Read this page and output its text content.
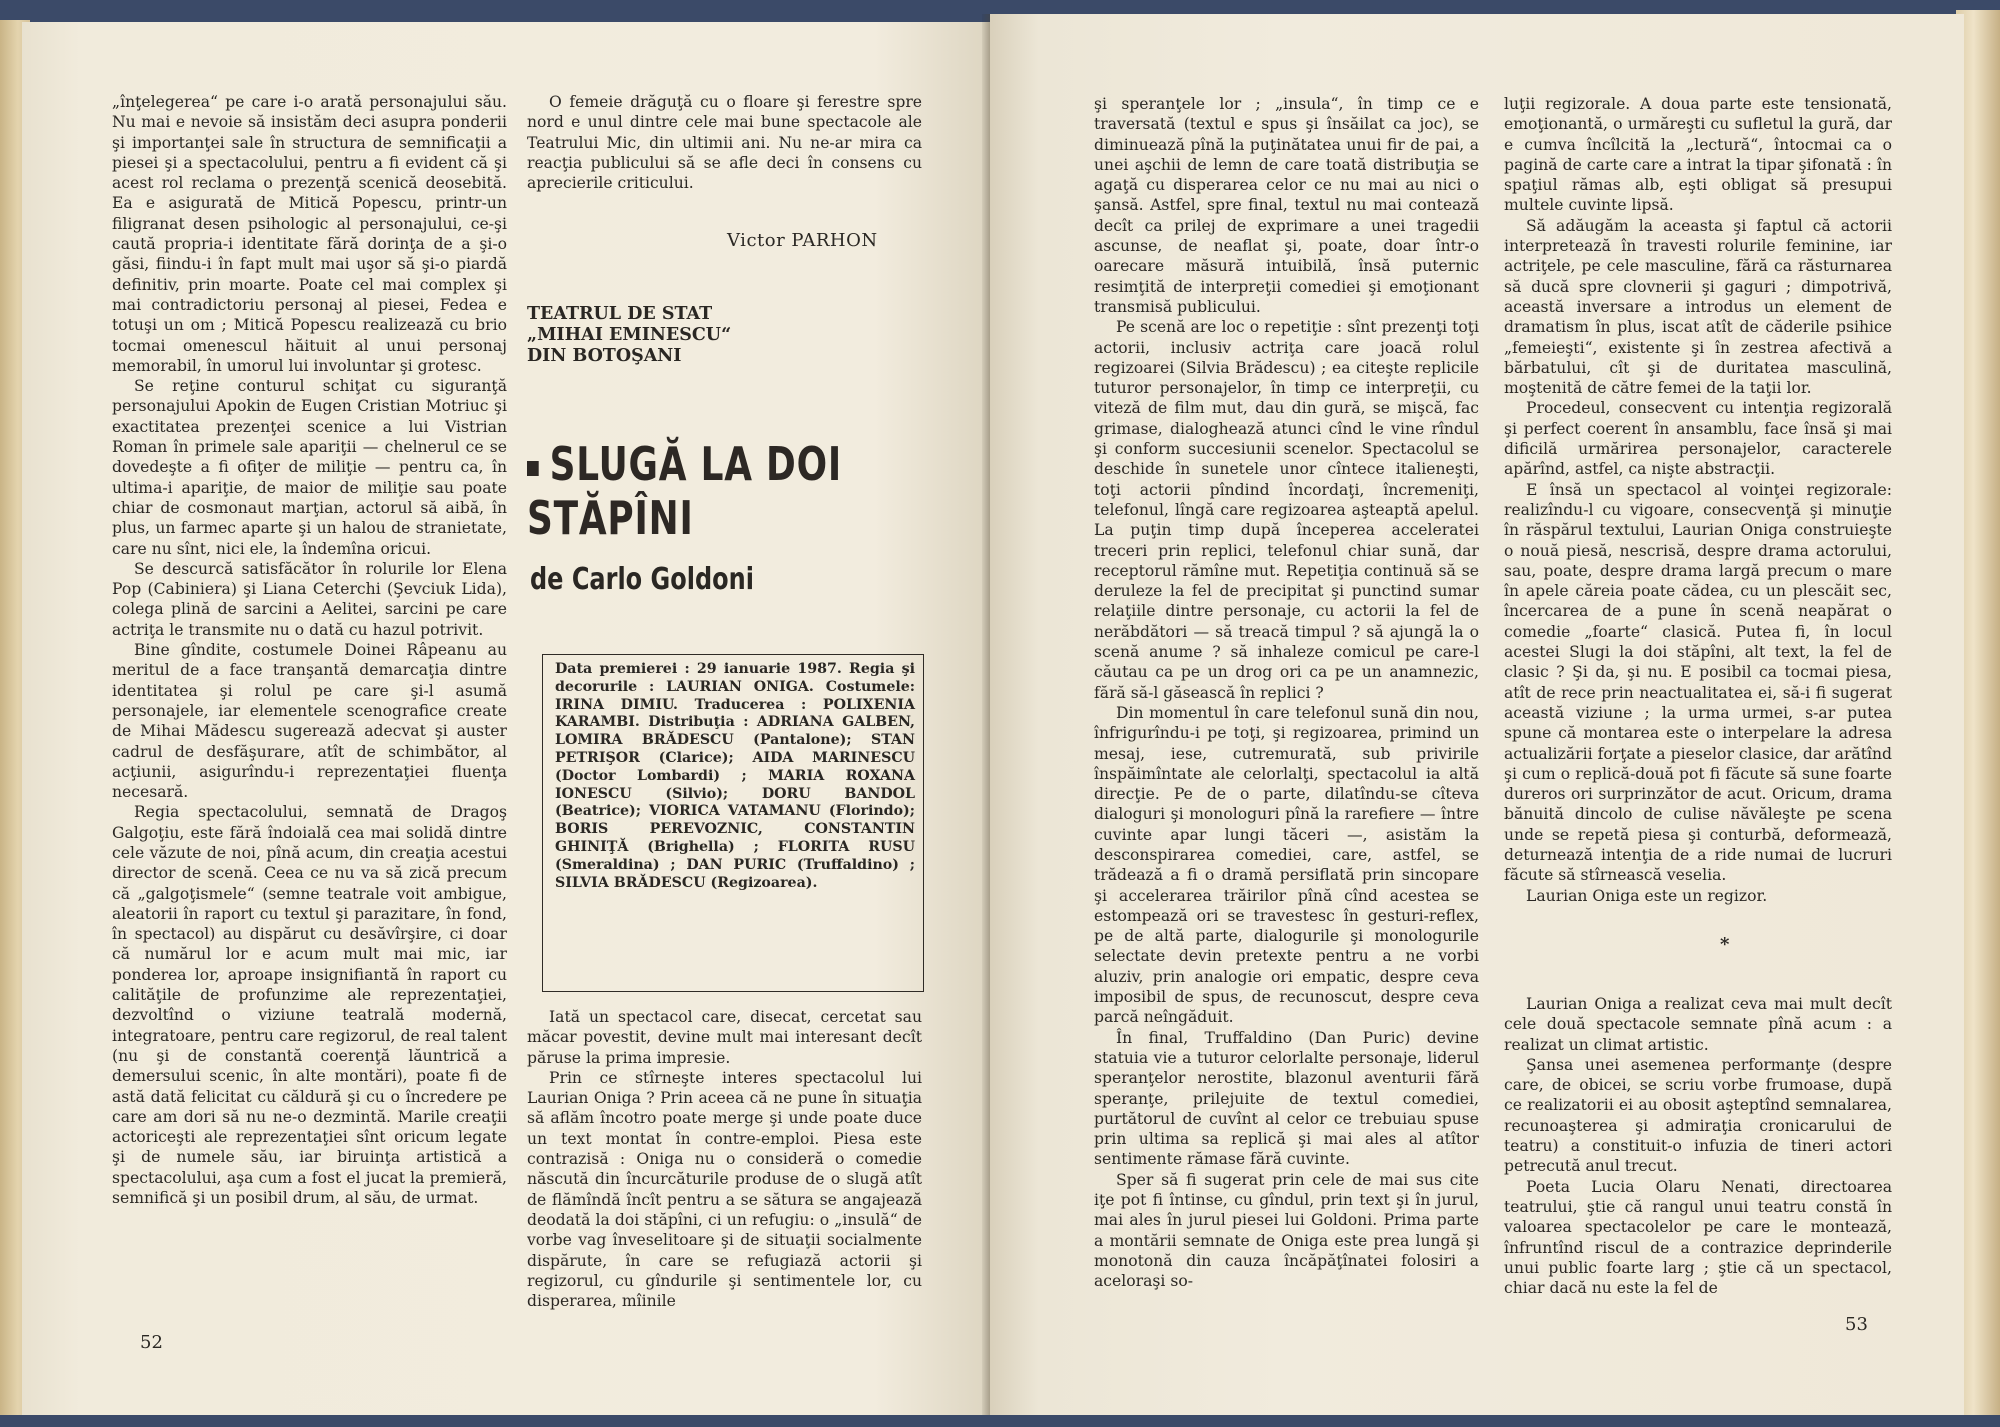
„înţelegerea“ pe care i-o arată personajului său. Nu mai e nevoie să insistăm deci asupra ponderii şi importanţei sale în structura de semnificaţii a piesei şi a spectacolului, pentru a fi evident că şi acest rol reclama o prezenţă scenică deosebită. Ea e asigurată de Mitică Popescu, printr-un filigranat desen psihologic al personajului, ce-şi caută propria-i identitate fără dorinţa de a şi-o găsi, fiindu-i în fapt mult mai uşor să şi-o piardă definitiv, prin moarte. Poate cel mai complex şi mai contradictoriu personaj al piesei, Fedea e totuşi un om ; Mitică Popescu realizează cu brio tocmai omenescul hăituit al unui personaj memorabil, în umorul lui involuntar şi grotesc.

Se reţine conturul schiţat cu siguranţă personajului Apokin de Eugen Cristian Motriuc şi exactitatea prezenţei scenice a lui Vistrian Roman în primele sale apariţii — chelnerul ce se dovedeşte a fi ofiţer de miliţie — pentru ca, în ultima-i apariţie, de maior de miliţie sau poate chiar de cosmonaut marţian, actorul să aibă, în plus, un farmec aparte şi un halou de stranietate, care nu sînt, nici ele, la îndemîna oricui.

Se descurcă satisfăcător în rolurile lor Elena Pop (Cabiniera) şi Liana Ceterchi (Şevciuk Lida), colega plină de sarcini a Aelitei, sarcini pe care actriţa le transmite nu o dată cu hazul potrivit.

Bine gîndite, costumele Doinei Râpeanu au meritul de a face tranşantă demarcaţia dintre identitatea şi rolul pe care şi-l asumă personajele, iar elementele scenografice create de Mihai Mădescu sugerează adecvat şi auster cadrul de desfăşurare, atît de schimbător, al acţiunii, asigurîndu-i reprezentaţiei fluenţa necesară.

Regia spectacolului, semnată de Dragoş Galgoţiu, este fără îndoială cea mai solidă dintre cele văzute de noi, pînă acum, din creaţia acestui director de scenă. Ceea ce nu va să zică precum că „galgoţismele“ (semne teatrale voit ambigue, aleatorii în raport cu textul şi parazitare, în fond, în spectacol) au dispărut cu desăvîrşire, ci doar că numărul lor e acum mult mai mic, iar ponderea lor, aproape insignifiantă în raport cu calităţile de profunzime ale reprezentaţiei, dezvoltînd o viziune teatrală modernă, integratoare, pentru care regizorul, de real talent (nu şi de constantă coerenţă lăuntrică a demersului scenic, în alte montări), poate fi de astă dată felicitat cu căldură şi cu o încredere pe care am dori să nu ne-o dezmintă. Marile creaţii actoriceşti ale reprezentaţiei sînt oricum legate şi de numele său, iar biruinţa artistică a spectacolului, aşa cum a fost el jucat la premieră, semnifică şi un posibil drum, al său, de urmat.

O femeie drăguţă cu o floare şi ferestre spre nord e unul dintre cele mai bune spectacole ale Teatrului Mic, din ultimii ani. Nu ne-ar mira ca reacţia publicului să se afle deci în consens cu aprecierile criticului.

Victor PARHON
TEATRUL DE STAT
„MIHAI EMINESCU“
DIN BOTOŞANI
SLUGĂ LA DOI
STĂPÎNI
de Carlo Goldoni
Data premierei : 29 ianuarie 1987. Regia şi decorurile : LAURIAN ONIGA. Costumele: IRINA DIMIU. Traducerea : POLIXENIA KARAMBI. Distribuţia : ADRIANA GALBEN, LOMIRA BRĂDESCU (Pantalone); STAN PETRIŞOR (Clarice); AIDA MARINESCU (Doctor Lombardi) ; MARIA ROXANA IONESCU (Silvio); DORU BANDOL (Beatrice); VIORICA VATAMANU (Florindo); BORIS PEREVOZNIC, CONSTANTIN GHINIŢĂ (Brighella) ; FLORITA RUSU (Smeraldina) ; DAN PURIC (Truffaldino) ; SILVIA BRĂDESCU (Regizoarea).

Iată un spectacol care, disecat, cercetat sau măcar povestit, devine mult mai interesant decît păruse la prima impresie.

Prin ce stîrneşte interes spectacolul lui Laurian Oniga ? Prin aceea că ne pune în situaţia să aflăm încotro poate merge şi unde poate duce un text montat în contre-emploi. Piesa este contrazisă : Oniga nu o consideră o comedie născută din încurcăturile produse de o slugă atît de flămîndă încît pentru a se sătura se angajează deodată la doi stăpîni, ci un refugiu: o „insulă“ de vorbe vag înveselitoare şi de situaţii socialmente dispărute, în care se refugiază actorii şi regizorul, cu gîndurile şi sentimentele lor, cu disperarea, mîinile

52

şi speranţele lor ; „insula“, în timp ce e traversată (textul e spus şi însăilat ca joc), se diminuează pînă la puţinătatea unui fir de pai, a unei aşchii de lemn de care toată distribuţia se agaţă cu disperarea celor ce nu mai au nici o şansă. Astfel, spre final, textul nu mai contează decît ca prilej de exprimare a unei tragedii ascunse, de neaflat şi, poate, doar într-o oarecare măsură intuibilă, însă puternic resimţită de interpreţii comediei şi emoţionant transmisă publicului.

Pe scenă are loc o repetiţie : sînt prezenţi toţi actorii, inclusiv actriţa care joacă rolul regizoarei (Silvia Brădescu) ; ea citeşte replicile tuturor personajelor, în timp ce interpreţii, cu viteză de film mut, dau din gură, se mişcă, fac grimase, dialoghează atunci cînd le vine rîndul şi conform succesiunii scenelor. Spectacolul se deschide în sunetele unor cîntece italieneşti, toţi actorii pîndind încordaţi, încremeniţi, telefonul, lîngă care regizoarea aşteaptă apelul. La puţin timp după începerea acceleratei treceri prin replici, telefonul chiar sună, dar receptorul rămîne mut. Repetiţia continuă să se deruleze la fel de precipitat şi punctind sumar relaţiile dintre personaje, cu actorii la fel de nerăbdători — să treacă timpul ? să ajungă la o scenă anume ? să inhaleze comicul pe care-l căutau ca pe un drog ori ca pe un anamnezic, fără să-l găsească în replici ?

Din momentul în care telefonul sună din nou, înfrigurîndu-i pe toţi, şi regizoarea, primind un mesaj, iese, cutremurată, sub privirile înspăimîntate ale celorlalţi, spectacolul ia altă direcţie. Pe de o parte, dilatîndu-se cîteva dialoguri şi monologuri pînă la rarefiere — între cuvinte apar lungi tăceri —, asistăm la desconspirarea comediei, care, astfel, se trădează a fi o dramă persiflată prin sincopare şi accelerarea trăirilor pînă cînd acestea se estompează ori se travestesc în gesturi-reflex, pe de altă parte, dialogurile şi monologurile selectate devin pretexte pentru a ne vorbi aluziv, prin analogie ori empatic, despre ceva imposibil de spus, de recunoscut, despre ceva parcă neîngăduit.

În final, Truffaldino (Dan Puric) devine statuia vie a tuturor celorlalte personaje, liderul speranţelor nerostite, blazonul aventurii fără speranţe, prilejuite de textul comediei, purtătorul de cuvînt al celor ce trebuiau spuse prin ultima sa replică şi mai ales al atîtor sentimente rămase fără cuvinte.

Sper să fi sugerat prin cele de mai sus cite iţe pot fi întinse, cu gîndul, prin text şi în jurul, mai ales în jurul piesei lui Goldoni. Prima parte a montării semnate de Oniga este prea lungă şi monotonă din cauza încăpăţînatei folosiri a aceloraşi so-

luţii regizorale. A doua parte este tensionată, emoţionantă, o urmăreşti cu sufletul la gură, dar e cumva încîlcită la „lectură“, întocmai ca o pagină de carte care a intrat la tipar şifonată : în spaţiul rămas alb, eşti obligat să presupui multele cuvinte lipsă.

Să adăugăm la aceasta şi faptul că actorii interpretează în travesti rolurile feminine, iar actriţele, pe cele masculine, fără ca răsturnarea să ducă spre clovnerii şi gaguri ; dimpotrivă, această inversare a introdus un element de dramatism în plus, iscat atît de căderile psihice „femeieşti“, existente şi în zestrea afectivă a bărbatului, cît şi de duritatea masculină, moştenită de către femei de la taţii lor.

Procedeul, consecvent cu intenţia regizorală şi perfect coerent în ansamblu, face însă şi mai dificilă urmărirea personajelor, caracterele apărînd, astfel, ca nişte abstracţii.

E însă un spectacol al voinţei regizorale: realizîndu-l cu vigoare, consecvenţă şi minuţie în răspărul textului, Laurian Oniga construieşte o nouă piesă, nescrisă, despre drama actorului, sau, poate, despre drama largă precum o mare în apele căreia poate cădea, cu un plescăit sec, încercarea de a pune în scenă neapărat o comedie „foarte“ clasică. Putea fi, în locul acestei Slugi la doi stăpîni, alt text, la fel de clasic ? Şi da, şi nu. E posibil ca tocmai piesa, atît de rece prin neactualitatea ei, să-i fi sugerat această viziune ; la urma urmei, s-ar putea spune că montarea este o interpelare la adresa actualizării forţate a pieselor clasice, dar arătînd şi cum o replică-două pot fi făcute să sune foarte dureros ori surprinzător de acut. Oricum, drama bănuită dincolo de culise năvăleşte pe scena unde se repetă piesa şi conturbă, deformează, deturnează intenţia de a ride numai de lucruri făcute să stîrnească veselia.

Laurian Oniga este un regizor.

*

Laurian Oniga a realizat ceva mai mult decît cele două spectacole semnate pînă acum : a realizat un climat artistic.

Şansa unei asemenea performanţe (despre care, de obicei, se scriu vorbe frumoase, după ce realizatorii ei au obosit aşteptînd semnalarea, recunoaşterea şi admiraţia cronicarului de teatru) a constituit-o infuzia de tineri actori petrecută anul trecut.

Poeta Lucia Olaru Nenati, directoarea teatrului, ştie că rangul unui teatru constă în valoarea spectacolelor pe care le montează, înfruntînd riscul de a contrazice deprinderile unui public foarte larg ; ştie că un spectacol, chiar dacă nu este la fel de

53
